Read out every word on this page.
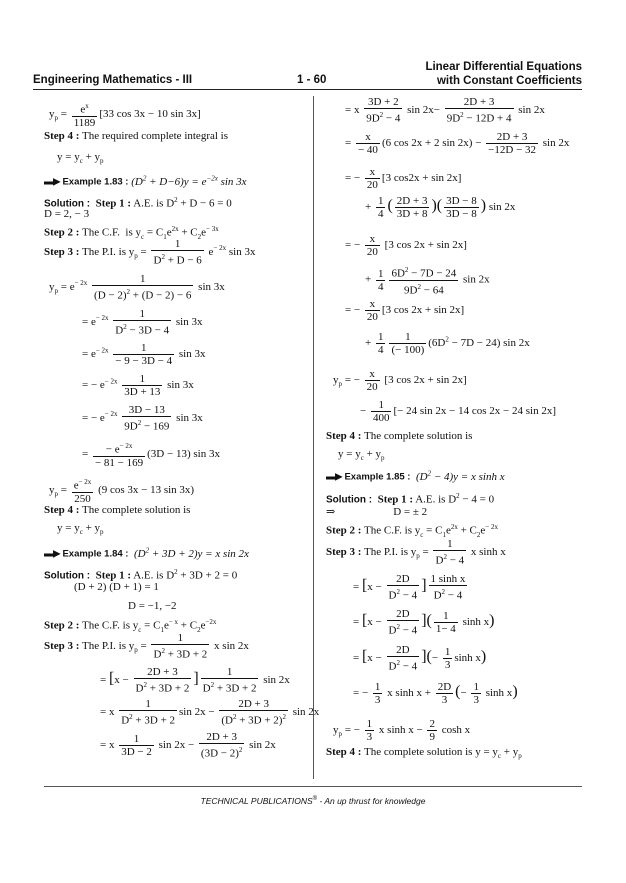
Engineering Mathematics - III	1 - 60
Linear Differential Equations
with Constant Coefficients
$y_p = \frac{e^x}{1189} [33$ cos 3x − 10 sin 3x]
Step 4 : The required complete integral is
$y = y_c + y_p$
▬▶ Example 1.83 : $(D^2 + D-6)y = e^{-2x}$ sin 3x
Solution : Step 1 : A.E. is $D^2 + D - 6 = 0$
D = 2, − 3
Step 2 : The C.F.  is $y_c = C_1e^{2x} + C_2e^{- 3x}$
Step 3 : The P.I. is $y_p = \frac{1}{D^2 + D - 6} e^{- 2x}$ sin 3x
$y_p = e^{- 2x} \frac{1}{(D - 2)^2 + (D - 2) - 6}$ sin 3x
= $e^{- 2x} \frac{1}{D^2 - 3D - 4}$ sin 3x
= $e^{- 2x} \frac{1}{- 9 - 3D - 4}$ sin 3x
= − $e^{- 2x} \frac{1}{3D + 13}$ sin 3x
= − $e^{- 2x} \frac{3D - 13}{9D^2 - 169}$ sin 3x
= $\frac{- e^{- 2x}}{- 81 - 169} (3D - 13)$ sin 3x
$y_p = \frac{e^{- 2x}}{250} (9$ cos 3x − 13 sin 3x)
Step 4 : The complete solution is
$y = y_c + y_p$
▬▶ Example 1.84 : $(D^2 + 3D + 2)y = x$ sin 2x
Solution : Step 1 : A.E. is $D^2 + 3D + 2 = 0$
(D + 2) (D + 1) = 1
D = −1, −2
Step 2 : The C.F. is $y_c = C_1e^{- x} + C_2e^{-2x}$
Step 3 : The P.I. is $y_p = \frac{1}{D^2 + 3D + 2}$ x sin 2x
= [$x - \frac{2D + 3}{D^2 + 3D + 2}$ ] $\frac{1}{D^2 + 3D + 2}$ sin 2x
= x $\frac{1}{D^2 + 3D + 2}$ $\sin 2x - \frac{2D + 3}{(D^2 + 3D + 2)^2}$ sin 2x
= x $\frac{1}{3D - 2}$ $\sin 2x - \frac{2D + 3}{(3D - 2)^2}$ sin 2x
= x $\frac{3D + 2}{9D^2 - 4}$ $\sin 2x- \frac{2D + 3}{9D^2 - 12D + 4}$ sin 2x
= $\frac{x}{- 40} (6$ cos 2x + 2 $\sin 2x) - \frac{2D + 3}{-12D - 32}$ sin 2x
= − $\frac{x}{20} [3$ cos2x + sin 2x]
+ $\frac{1}{4}$ ( $\frac{2D + 3}{3D + 8}$ )( $\frac{3D - 8}{3D - 8}$ ) sin 2x
= − $\frac{x}{20} [3$ cos 2x + sin 2x]
+ $\frac{1}{4} \frac{6D^2 - 7D - 24}{9D^2 - 64}$ sin 2x
= − $\frac{x}{20} [3$ cos 2x + sin 2x]
+ $\frac{1}{4} \frac{1}{(- 100)} (6D^2 - 7D - 24)$ sin 2x
$y_p$ = − $\frac{x}{20} [3$ cos 2x + sin 2x]
− $\frac{1}{400}$ [− 24 sin 2x − 14 cos 2x − 24 sin 2x]
Step 4 : The complete solution is
$y = y_c + y_p$
▬▶ Example 1.85 : $(D^2 - 4)y = x$ sinh x
Solution : Step 1 : A.E. is $D^2 - 4 = 0$
⇒	D = ± 2
Step 2 : The C.F. is $y_c = C_1e^{2x} + C_2e^{- 2x}$
Step 3 : The P.I. is $y_p = \frac{1}{D^2 - 4}$ x sinh x
= [$x - \frac{2D}{D^2 - 4}$ ] $\frac{\text{1 sinh x}}{D^2 - 4}$
= [$x - \frac{2D}{D^2 - 4}$ ]( $\frac{1}{1- 4}$ sinh x)
= [$x - \frac{2D}{D^2 - 4}$ ](− $\frac{1}{3}$ sinh x)
= − $\frac{1}{3}$ x $\sinh x + \frac{2D}{3}$ (− $\frac{1}{3}$ sinh x)
$y_p$ = − $\frac{1}{3}$ x $\sinh x - \frac{2}{9}$ cosh x
Step 4 : The complete solution is $y = y_c + y_p$
TECHNICAL PUBLICATIONS® - An up thrust for knowledge
